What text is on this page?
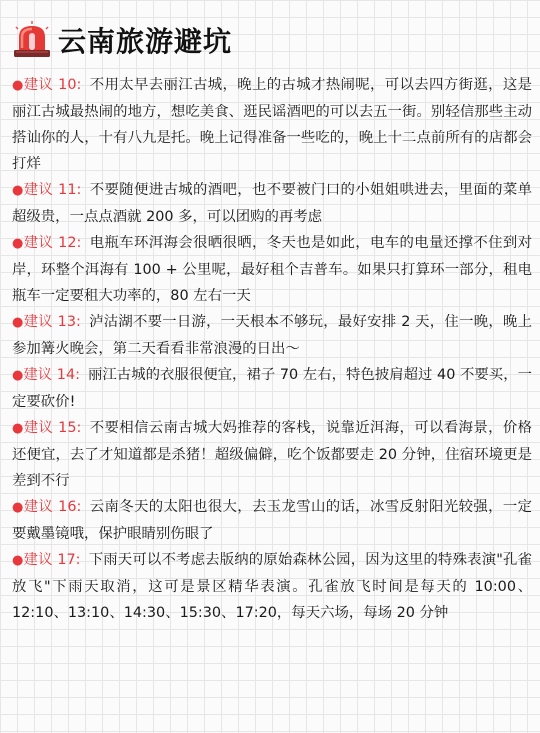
云南旅游避坑

●建议 10: 不用太早去丽江古城，晚上的古城才热闹呢，可以去四方街逛，这是丽江古城最热闹的地方，想吃美食、逛民谣酒吧的可以去五一街。别轻信那些主动搭讪你的人，十有八九是托。晚上记得准备一些吃的，晚上十二点前所有的店都会打烊

●建议 11: 不要随便进古城的酒吧，也不要被门口的小姐姐哄进去，里面的菜单超级贵，一点点酒就 200 多，可以团购的再考虑

●建议 12: 电瓶车环洱海会很晒很晒，冬天也是如此，电车的电量还撑不住到对岸，环整个洱海有 100 + 公里呢，最好租个吉普车。如果只打算环一部分，租电瓶车一定要租大功率的，80 左右一天

●建议 13: 泸沽湖不要一日游，一天根本不够玩，最好安排 2 天，住一晚，晚上参加篝火晚会，第二天看看非常浪漫的日出～

●建议 14: 丽江古城的衣服很便宜，裙子 70 左右，特色披肩超过 40 不要买，一定要砍价!

●建议 15: 不要相信云南古城大妈推荐的客栈，说靠近洱海，可以看海景，价格还便宜，去了才知道都是杀猪！超级偏僻，吃个饭都要走 20 分钟，住宿环境更是差到不行

●建议 16: 云南冬天的太阳也很大，去玉龙雪山的话，冰雪反射阳光较强，一定要戴墨镜哦，保护眼睛别伤眼了

●建议 17: 下雨天可以不考虑去版纳的原始森林公园，因为这里的特殊表演"孔雀放飞"下雨天取消，这可是景区精华表演。孔雀放飞时间是每天的 10:00、12:10、13:10、14:30、15:30、17:20，每天六场，每场 20 分钟
